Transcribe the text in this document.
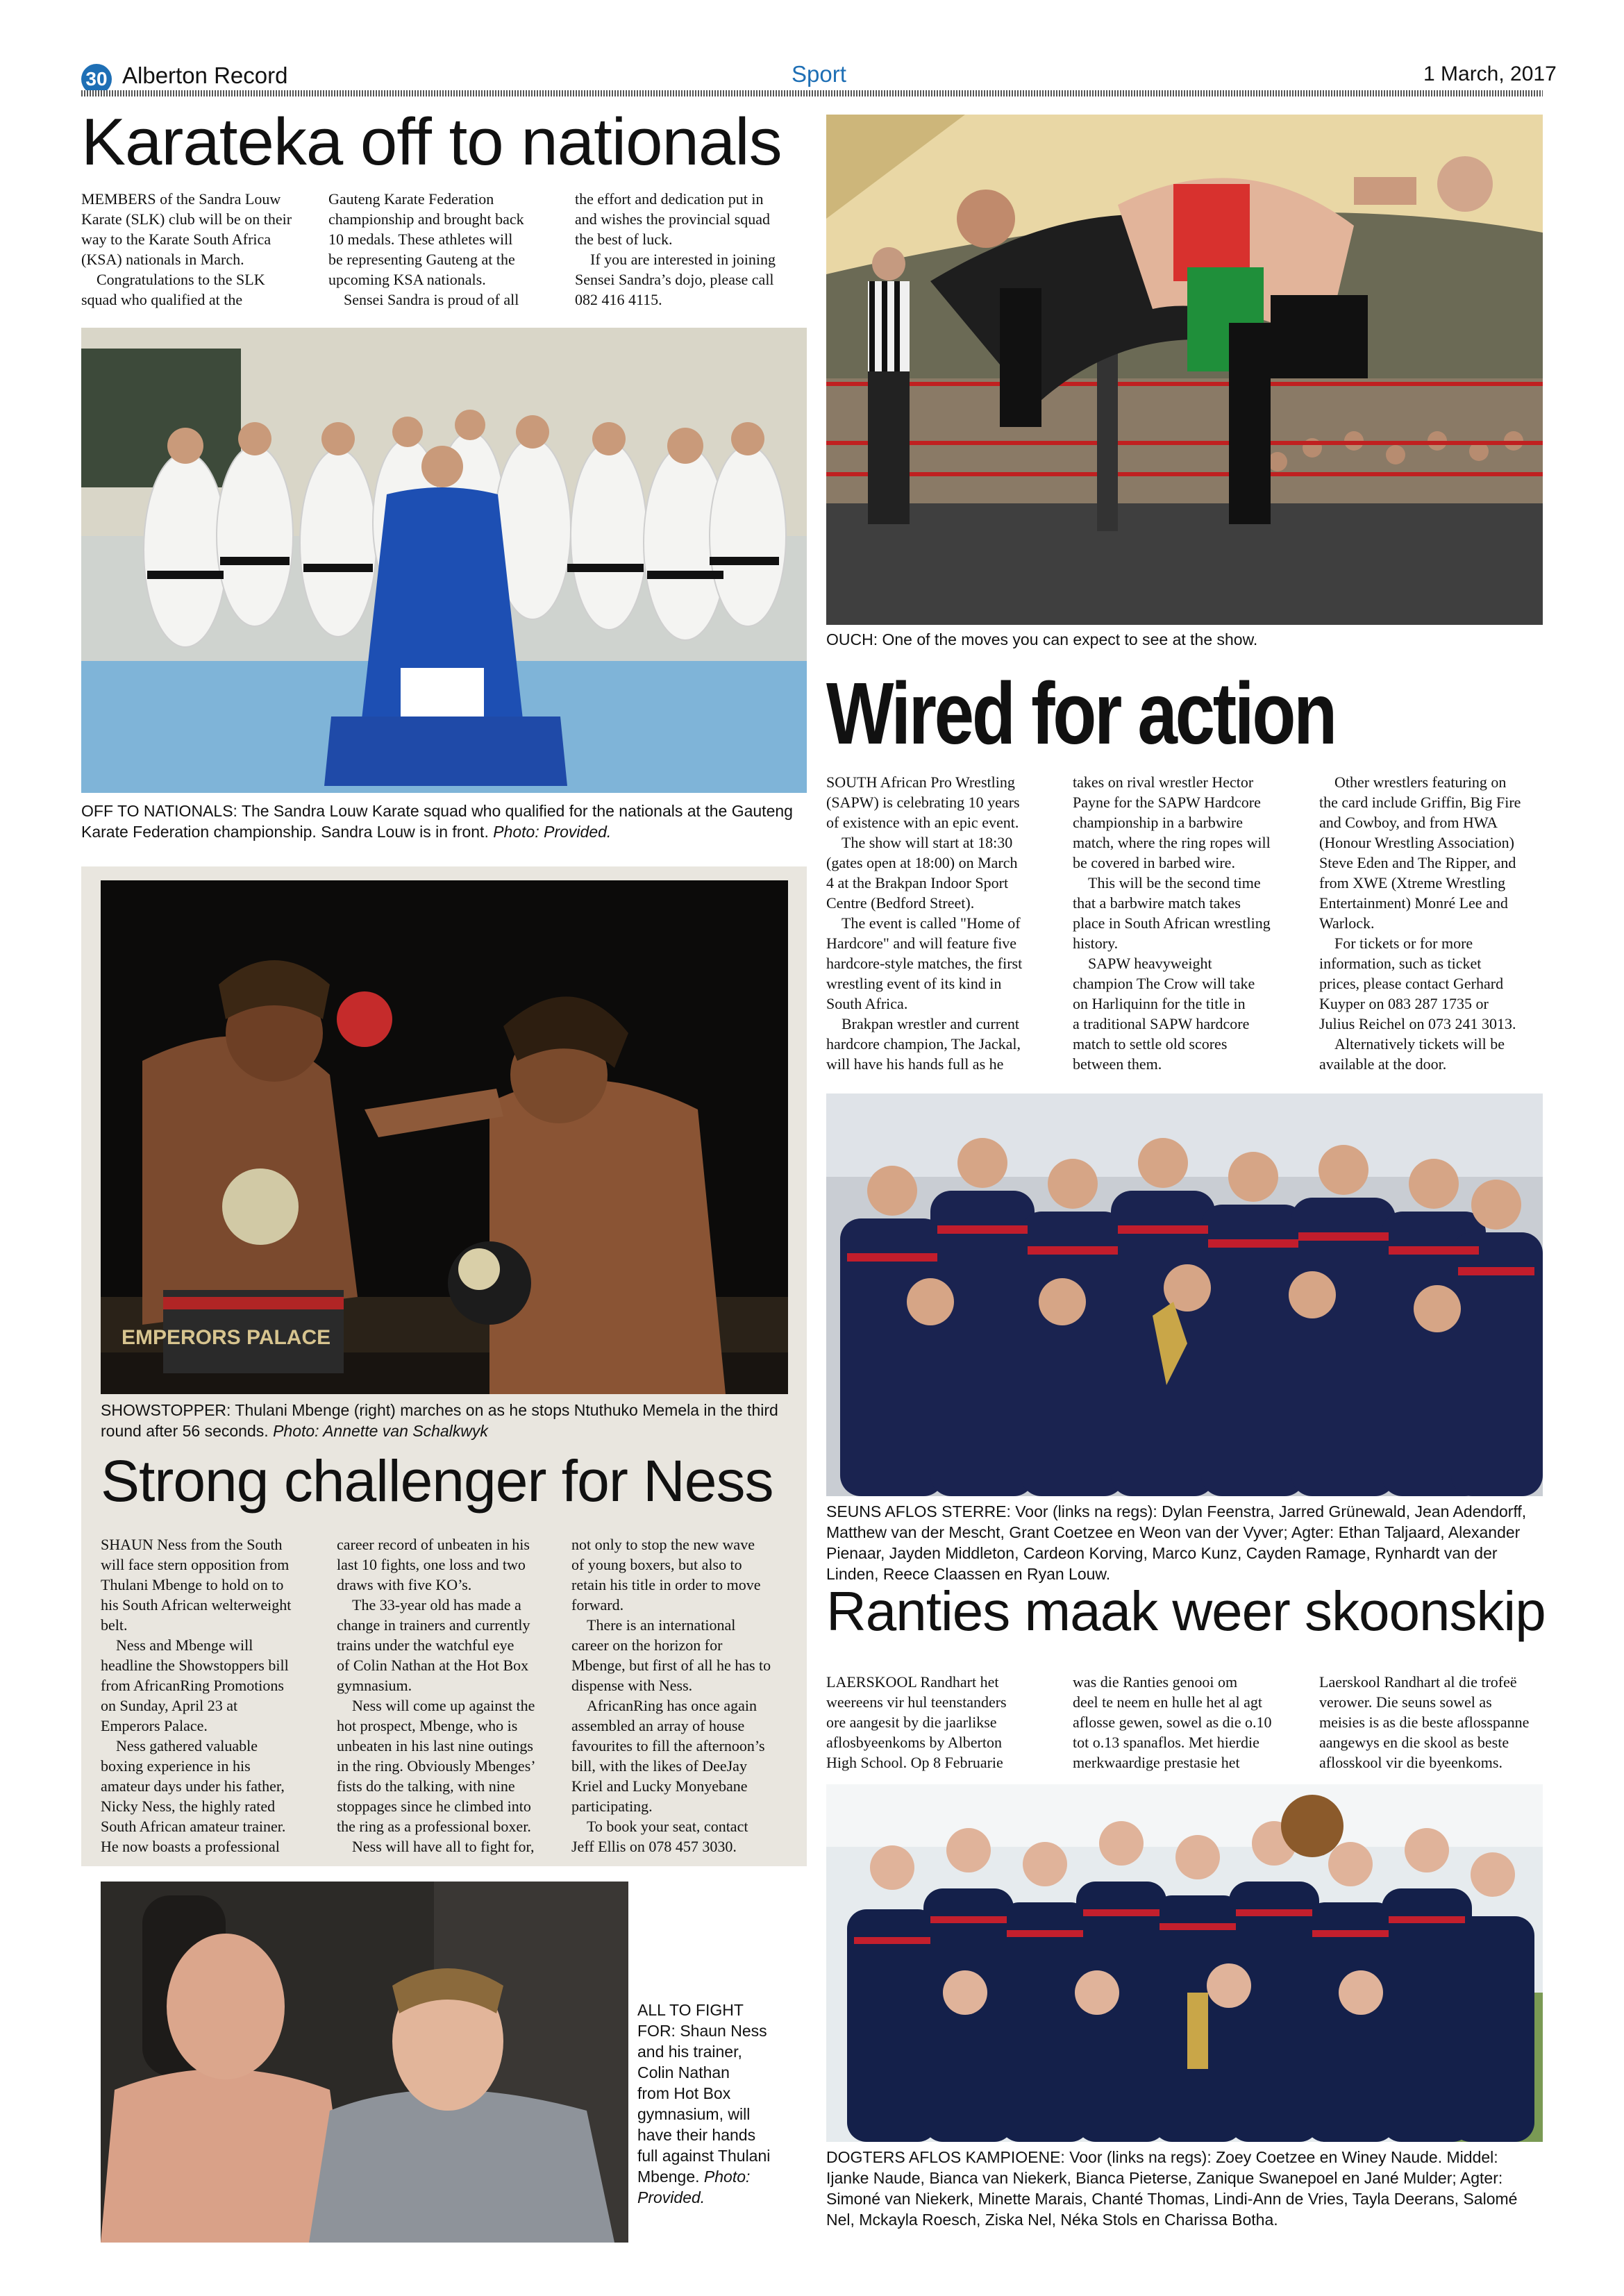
30 Alberton Record	Sport	1 March, 2017
Karateka off to nationals
MEMBERS of the Sandra Louw
Karate (SLK) club will be on their
way to the Karate South Africa
(KSA) nationals in March.
Congratulations to the SLK
squad who qualified at the
Gauteng Karate Federation
championship and brought back
10 medals. These athletes will
be representing Gauteng at the
upcoming KSA nationals.
Sensei Sandra is proud of all
the effort and dedication put in
and wishes the provincial squad
the best of luck.
If you are interested in joining
Sensei Sandra’s dojo, please call
082 416 4115.
OFF TO NATIONALS: The Sandra Louw Karate squad who qualified for the nationals at the Gauteng Karate Federation championship. Sandra Louw is in front. Photo: Provided.
OUCH: One of the moves you can expect to see at the show.
Wired for action
SOUTH African Pro Wrestling
(SAPW) is celebrating 10 years
of existence with an epic event.
The show will start at 18:30
(gates open at 18:00) on March
4 at the Brakpan Indoor Sport
Centre (Bedford Street).
The event is called "Home of
Hardcore" and will feature five
hardcore-style matches, the first
wrestling event of its kind in
South Africa.
Brakpan wrestler and current
hardcore champion, The Jackal,
will have his hands full as he
takes on rival wrestler Hector
Payne for the SAPW Hardcore
championship in a barbwire
match, where the ring ropes will
be covered in barbed wire.
This will be the second time
that a barbwire match takes
place in South African wrestling
history.
SAPW heavyweight
champion The Crow will take
on Harliquinn for the title in
a traditional SAPW hardcore
match to settle old scores
between them.
Other wrestlers featuring on
the card include Griffin, Big Fire
and Cowboy, and from HWA
(Honour Wrestling Association)
Steve Eden and The Ripper, and
from XWE (Xtreme Wrestling
Entertainment) Monré Lee and
Warlock.
For tickets or for more
information, such as ticket
prices, please contact Gerhard
Kuyper on 083 287 1735 or
Julius Reichel on 073 241 3013.
Alternatively tickets will be
available at the door.
EMPERORS PALACE
SHOWSTOPPER: Thulani Mbenge (right) marches on as he stops Ntuthuko Memela in the third round after 56 seconds. Photo: Annette van Schalkwyk
Strong challenger for Ness
SHAUN Ness from the South
will face stern opposition from
Thulani Mbenge to hold on to
his South African welterweight
belt.
Ness and Mbenge will
headline the Showstoppers bill
from AfricanRing Promotions
on Sunday, April 23 at
Emperors Palace.
Ness gathered valuable
boxing experience in his
amateur days under his father,
Nicky Ness, the highly rated
South African amateur trainer.
He now boasts a professional
career record of unbeaten in his
last 10 fights, one loss and two
draws with five KO’s.
The 33-year old has made a
change in trainers and currently
trains under the watchful eye
of Colin Nathan at the Hot Box
gymnasium.
Ness will come up against the
hot prospect, Mbenge, who is
unbeaten in his last nine outings
in the ring. Obviously Mbenges’
fists do the talking, with nine
stoppages since he climbed into
the ring as a professional boxer.
Ness will have all to fight for,
not only to stop the new wave
of young boxers, but also to
retain his title in order to move
forward.
There is an international
career on the horizon for
Mbenge, but first of all he has to
dispense with Ness.
AfricanRing has once again
assembled an array of house
favourites to fill the afternoon’s
bill, with the likes of DeeJay
Kriel and Lucky Monyebane
participating.
To book your seat, contact
Jeff Ellis on 078 457 3030.
ALL TO FIGHT
FOR: Shaun Ness
and his trainer,
Colin Nathan
from Hot Box
gymnasium, will
have their hands
full against Thulani
Mbenge. Photo:
Provided.
SEUNS AFLOS STERRE: Voor (links na regs): Dylan Feenstra, Jarred Grünewald, Jean Adendorff, Matthew van der Mescht, Grant Coetzee en Weon van der Vyver; Agter: Ethan Taljaard, Alexander Pienaar, Jayden Middleton, Cardeon Korving, Marco Kunz, Cayden Ramage, Rynhardt van der Linden, Reece Claassen en Ryan Louw.
Ranties maak weer skoonskip
LAERSKOOL Randhart het
weereens vir hul teenstanders
ore aangesit by die jaarlikse
aflosbyeenkoms by Alberton
High School. Op 8 Februarie
was die Ranties genooi om
deel te neem en hulle het al agt
aflosse gewen, sowel as die o.10
tot o.13 spanaflos. Met hierdie
merkwaardige prestasie het
Laerskool Randhart al die trofeë
verower. Die seuns sowel as
meisies is as die beste aflosspanne
aangewys en die skool as beste
aflosskool vir die byeenkoms.
DOGTERS AFLOS KAMPIOENE: Voor (links na regs): Zoey Coetzee en Winey Naude. Middel: Ijanke Naude, Bianca van Niekerk, Bianca Pieterse, Zanique Swanepoel en Jané Mulder; Agter: Simoné van Niekerk, Minette Marais, Chanté Thomas, Lindi-Ann de Vries, Tayla Deerans, Salomé Nel, Mckayla Roesch, Ziska Nel, Néka Stols en Charissa Botha.
